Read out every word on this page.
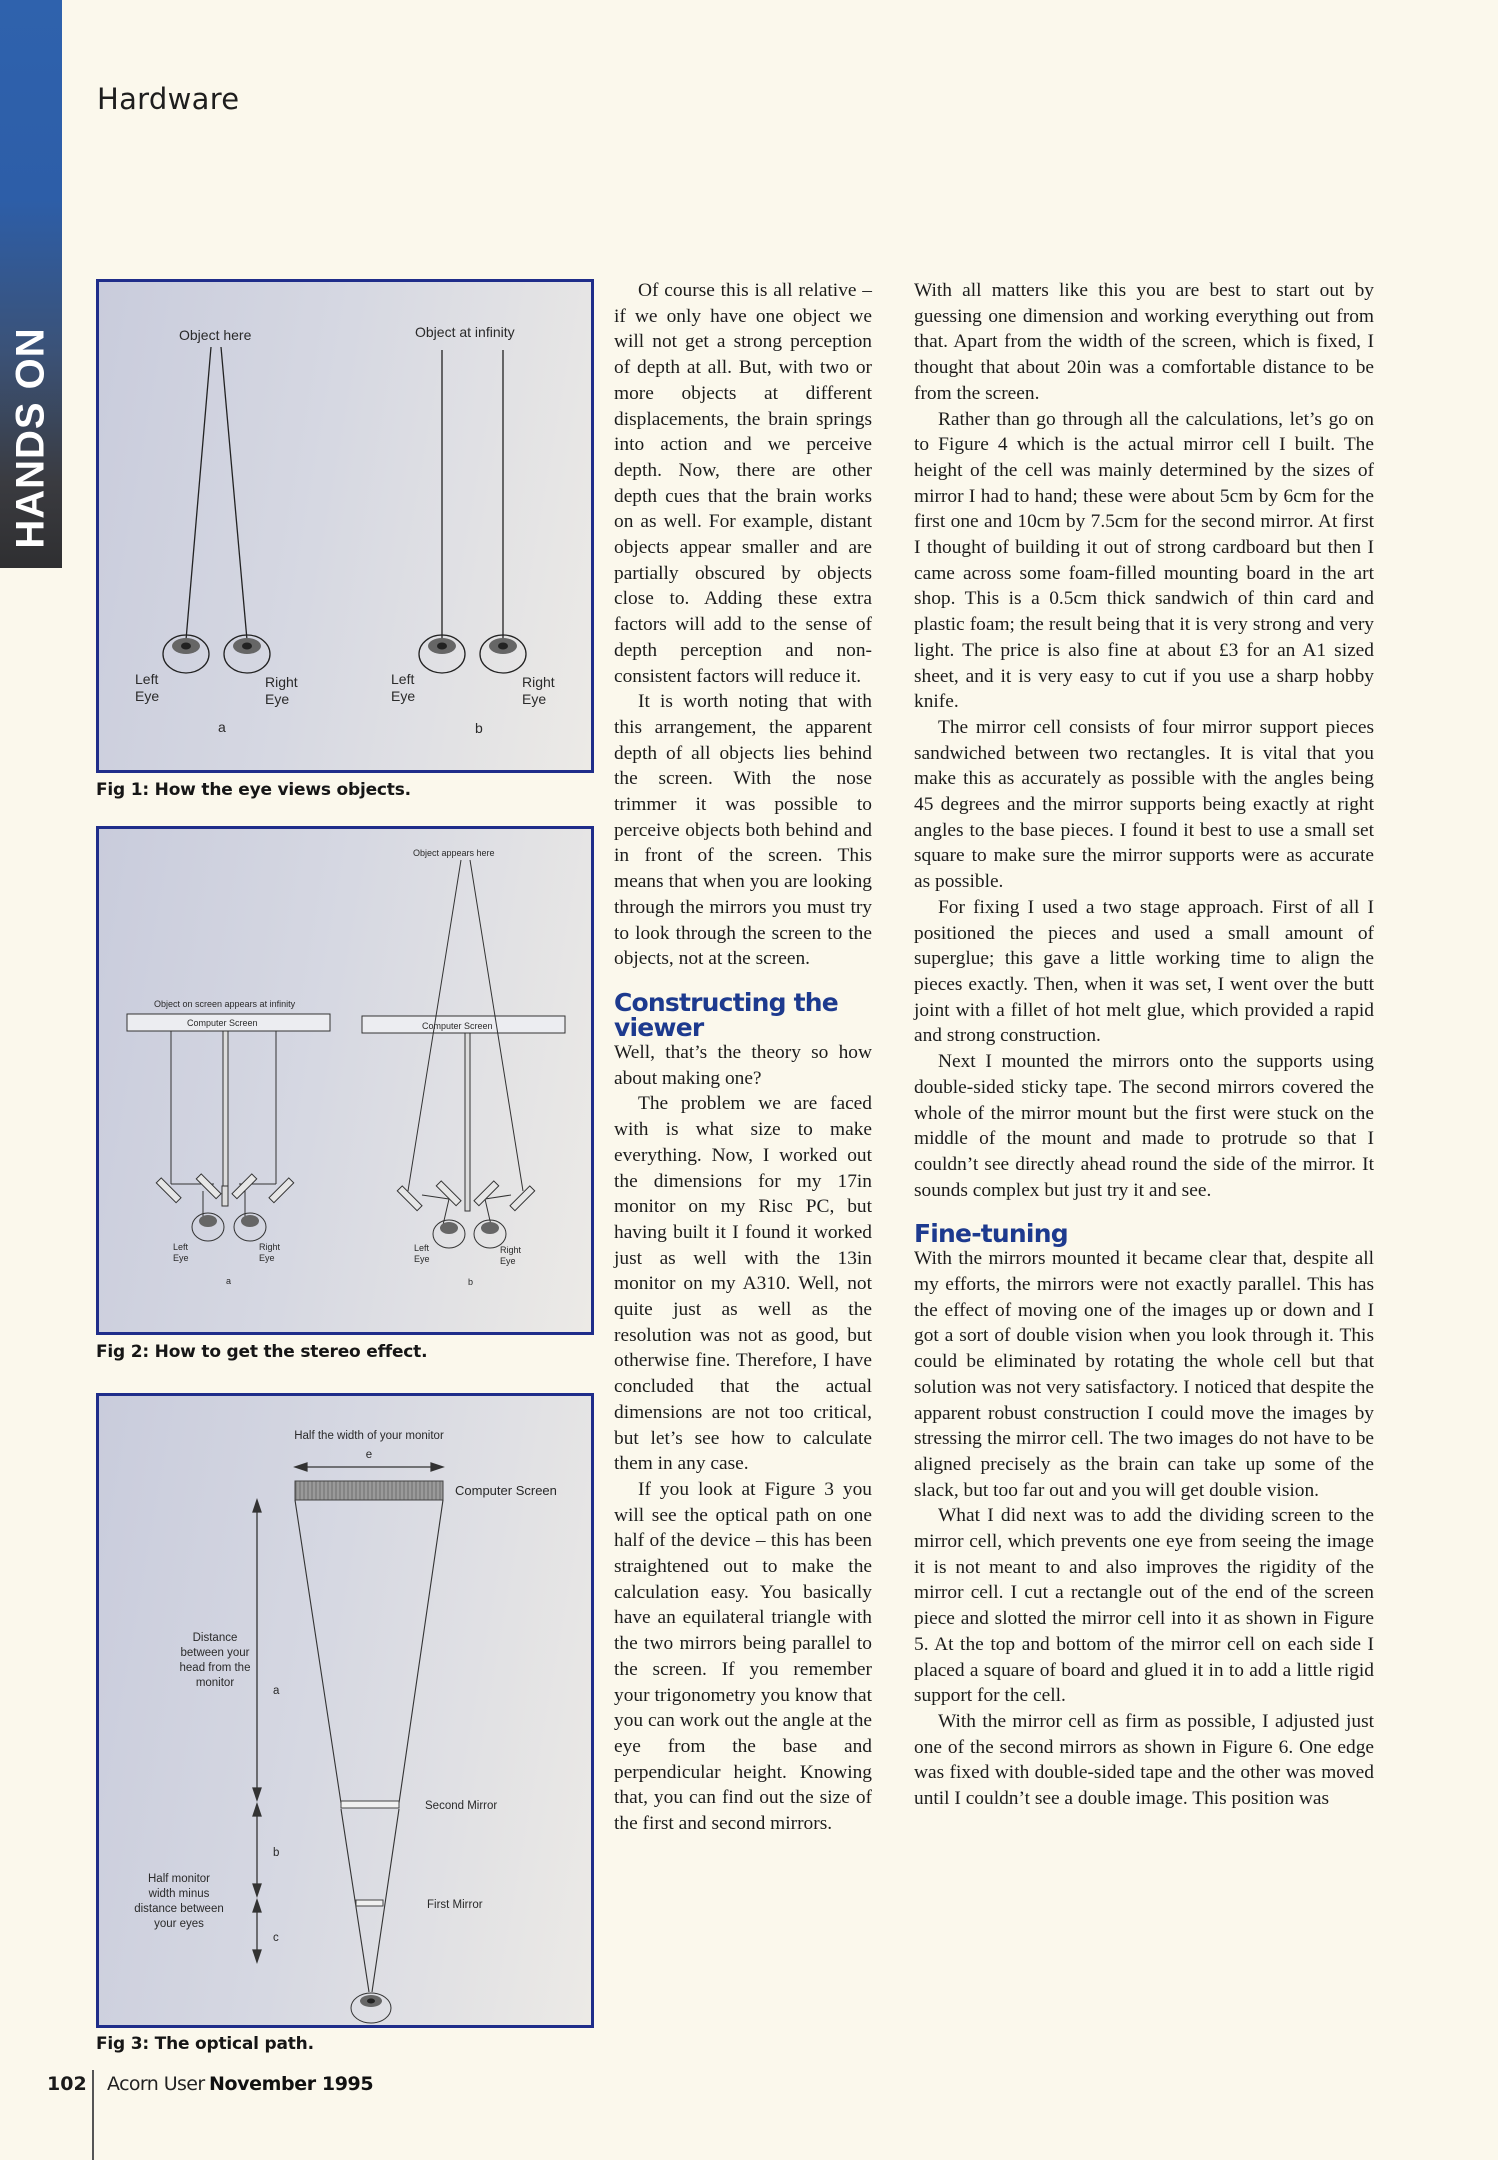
HANDS ON
Hardware
Object here	Object at infinity
Left
Eye
Right
Eye
a
Left
Eye
Right
Eye
b
Fig 1: How the eye views objects.
Object on screen appears at infinity
Computer Screen
Object appears here
Computer Screen
Left
Eye
Right
Eye
a
Left
Eye
Right
Eye
b
Fig 2: How to get the stereo effect.
Half the width of your monitor
e
Computer Screen
Distance
between your
head from the
monitor
a
Second Mirror
b
Half monitor
width minus
distance between
your eyes
First Mirror
c
Fig 3: The optical path.

Of course this is all relative – if we only have one object we will not get a strong perception of depth at all. But, with two or more objects at different displacements, the brain springs into action and we perceive depth. Now, there are other depth cues that the brain works on as well. For example, distant objects appear smaller and are partially obscured by objects close to. Adding these extra factors will add to the sense of depth perception and non-consistent factors will reduce it.

It is worth noting that with this arrangement, the apparent depth of all objects lies behind the screen. With the nose trimmer it was possible to perceive objects both behind and in front of the screen. This means that when you are looking through the mirrors you must try to look through the screen to the objects, not at the screen.

Constructing the viewer

Well, that’s the theory so how about making one?

The problem we are faced with is what size to make everything. Now, I worked out the dimensions for my 17in monitor on my Risc PC, but having built it I found it worked just as well with the 13in monitor on my A310. Well, not quite just as well as the resolution was not as good, but otherwise fine. Therefore, I have concluded that the actual dimensions are not too critical, but let’s see how to calculate them in any case.

If you look at Figure 3 you will see the optical path on one half of the device – this has been straightened out to make the calculation easy. You basically have an equilateral triangle with the two mirrors being parallel to the screen. If you remember your trigonometry you know that you can work out the angle at the eye from the base and perpendicular height. Knowing that, you can find out the size of the first and second mirrors.

With all matters like this you are best to start out by guessing one dimension and working everything out from that. Apart from the width of the screen, which is fixed, I thought that about 20in was a comfortable distance to be from the screen.

Rather than go through all the calculations, let’s go on to Figure 4 which is the actual mirror cell I built. The height of the cell was mainly determined by the sizes of mirror I had to hand; these were about 5cm by 6cm for the first one and 10cm by 7.5cm for the second mirror. At first I thought of building it out of strong cardboard but then I came across some foam-filled mounting board in the art shop. This is a 0.5cm thick sandwich of thin card and plastic foam; the result being that it is very strong and very light. The price is also fine at about £3 for an A1 sized sheet, and it is very easy to cut if you use a sharp hobby knife.

The mirror cell consists of four mirror support pieces sandwiched between two rectangles. It is vital that you make this as accurately as possible with the angles being 45 degrees and the mirror supports being exactly at right angles to the base pieces. I found it best to use a small set square to make sure the mirror supports were as accurate as possible.

For fixing I used a two stage approach. First of all I positioned the pieces and used a small amount of superglue; this gave a little working time to align the pieces exactly. Then, when it was set, I went over the butt joint with a fillet of hot melt glue, which provided a rapid and strong construction.

Next I mounted the mirrors onto the supports using double-sided sticky tape. The second mirrors covered the whole of the mirror mount but the first were stuck on the middle of the mount and made to protrude so that I couldn’t see directly ahead round the side of the mirror. It sounds complex but just try it and see.

Fine-tuning

With the mirrors mounted it became clear that, despite all my efforts, the mirrors were not exactly parallel. This has the effect of moving one of the images up or down and I got a sort of double vision when you look through it. This could be eliminated by rotating the whole cell but that solution was not very satisfactory. I noticed that despite the apparent robust construction I could move the images by stressing the mirror cell. The two images do not have to be aligned precisely as the brain can take up some of the slack, but too far out and you will get double vision.

What I did next was to add the dividing screen to the mirror cell, which prevents one eye from seeing the image it is not meant to and also improves the rigidity of the mirror cell. I cut a rectangle out of the end of the screen piece and slotted the mirror cell into it as shown in Figure 5. At the top and bottom of the mirror cell on each side I placed a square of board and glued it in to add a little rigid support for the cell.

With the mirror cell as firm as possible, I adjusted just one of the second mirrors as shown in Figure 6. One edge was fixed with double-sided tape and the other was moved until I couldn’t see a double image. This position was

102 Acorn User November 1995
